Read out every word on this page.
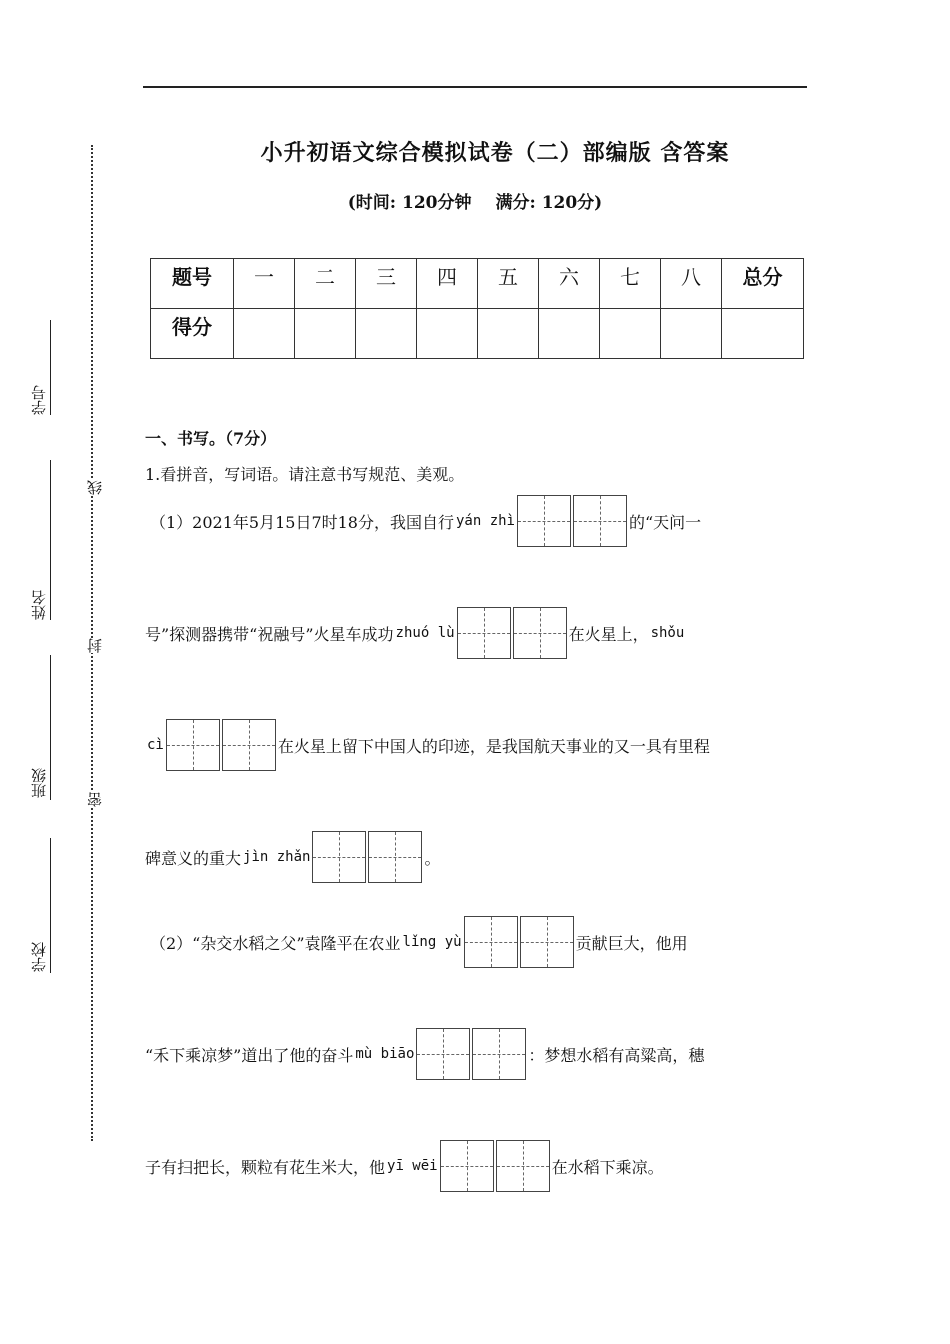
学号
姓名
班级
学校
线
封
密
小升初语文综合模拟试卷（二）部编版 含答案
(时间: 120分钟 满分: 120分)
题号	一	二	三	四	五	六	七	八	总分
得分									
一、书写。（7分）
1.看拼音，写词语。请注意书写规范、美观。
（1）2021年5月15日7时18分，我国自行 yán zhì	的“天问一
号”探测器携带“祝融号”火星车成功 zhuó lù	在火星上， shǒu
cì	在火星上留下中国人的印迹，是我国航天事业的又一具有里程
碑意义的重大 jìn zhǎn	。
（2）“杂交水稻之父”袁隆平在农业 lǐng yù	贡献巨大，他用
“禾下乘凉梦”道出了他的奋斗 mù biāo	：梦想水稻有高粱高，穗
子有扫把长，颗粒有花生米大，他 yī wēi	在水稻下乘凉。
